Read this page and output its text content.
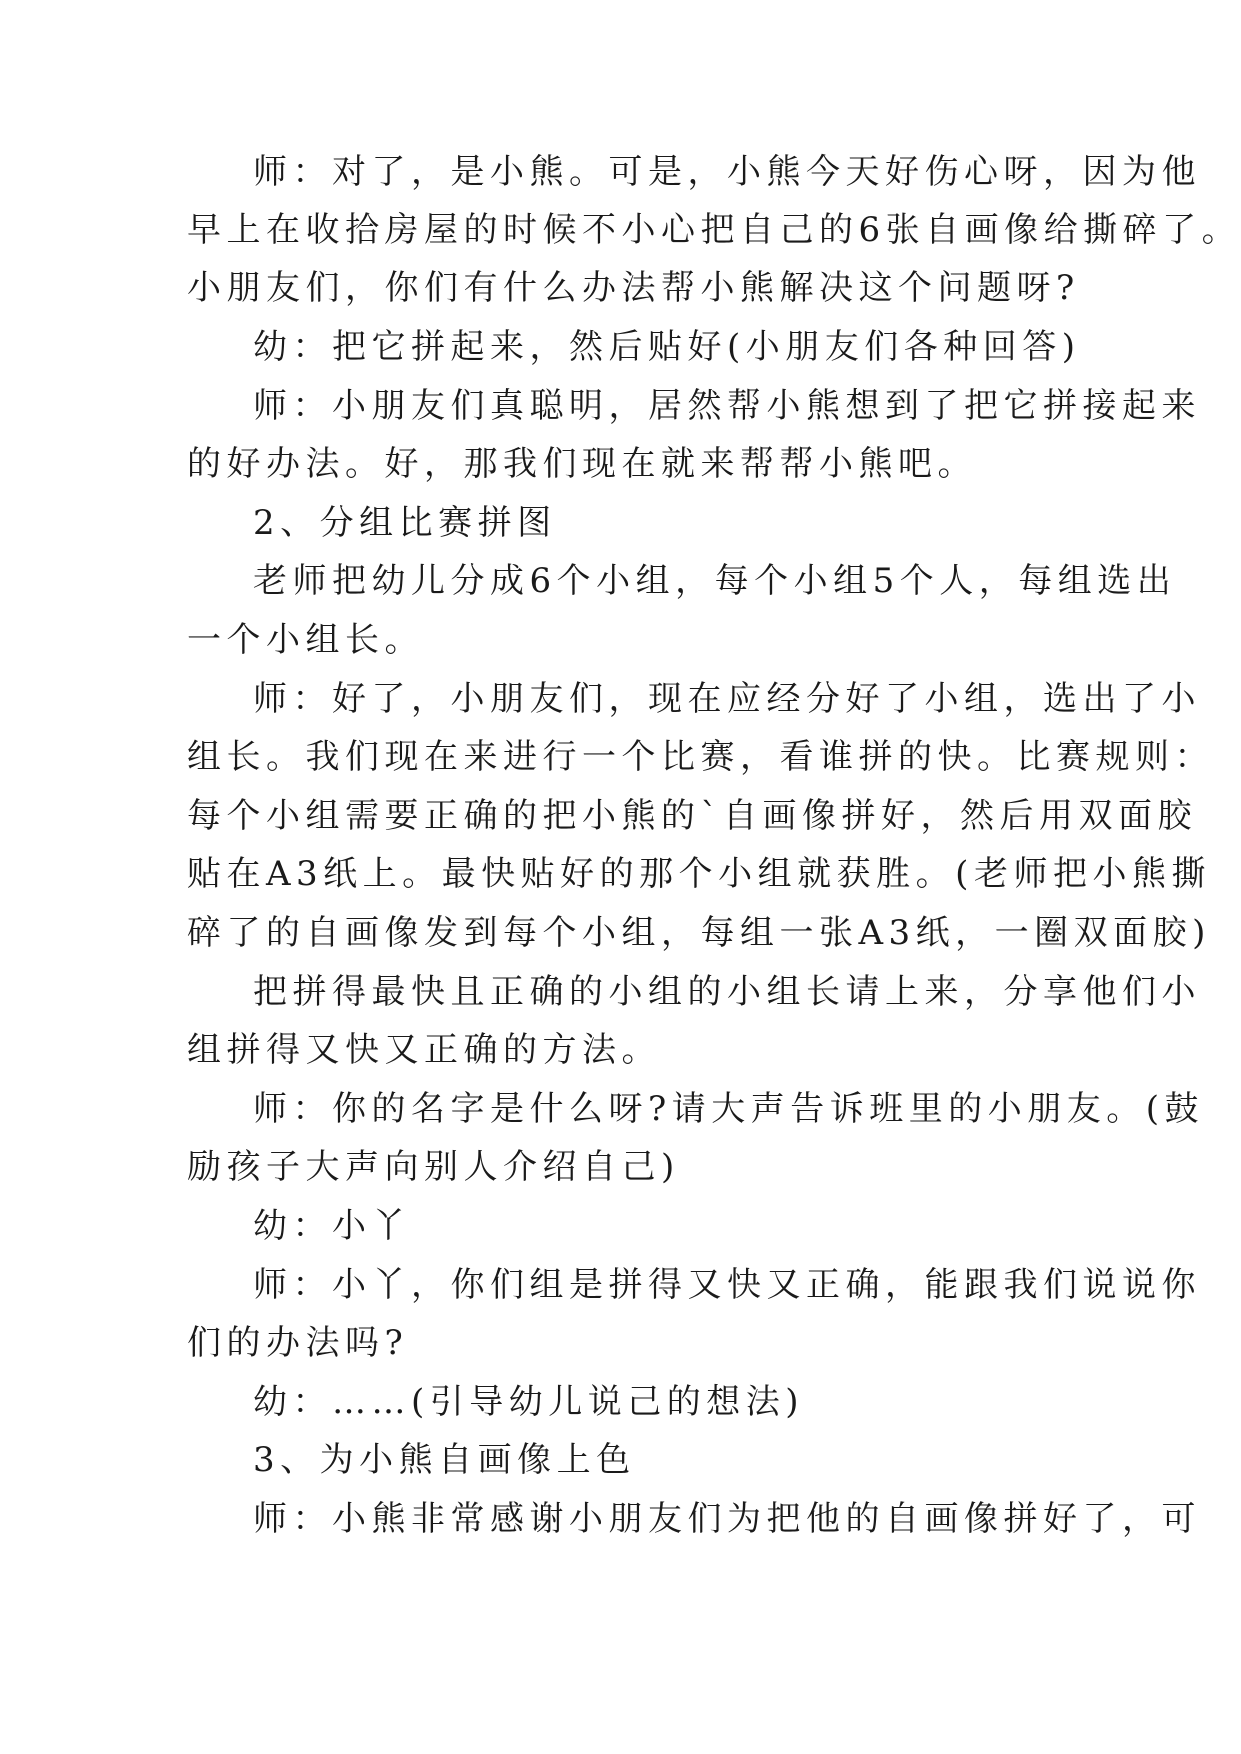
师：对了，是小熊。可是，小熊今天好伤心呀，因为他

早上在收拾房屋的时候不小心把自己的6张自画像给撕碎了。

小朋友们，你们有什么办法帮小熊解决这个问题呀?

幼：把它拼起来，然后贴好(小朋友们各种回答)

师：小朋友们真聪明，居然帮小熊想到了把它拼接起来

的好办法。好，那我们现在就来帮帮小熊吧。

2、分组比赛拼图

老师把幼儿分成6个小组，每个小组5个人，每组选出

一个小组长。

师：好了，小朋友们，现在应经分好了小组，选出了小

组长。我们现在来进行一个比赛，看谁拼的快。比赛规则：

每个小组需要正确的把小熊的`自画像拼好，然后用双面胶

贴在A3纸上。最快贴好的那个小组就获胜。(老师把小熊撕

碎了的自画像发到每个小组，每组一张A3纸，一圈双面胶)

把拼得最快且正确的小组的小组长请上来，分享他们小

组拼得又快又正确的方法。

师：你的名字是什么呀?请大声告诉班里的小朋友。(鼓

励孩子大声向别人介绍自己)

幼：小丫

师：小丫，你们组是拼得又快又正确，能跟我们说说你

们的办法吗?

幼：……(引导幼儿说己的想法)

3、为小熊自画像上色

师：小熊非常感谢小朋友们为把他的自画像拼好了，可
